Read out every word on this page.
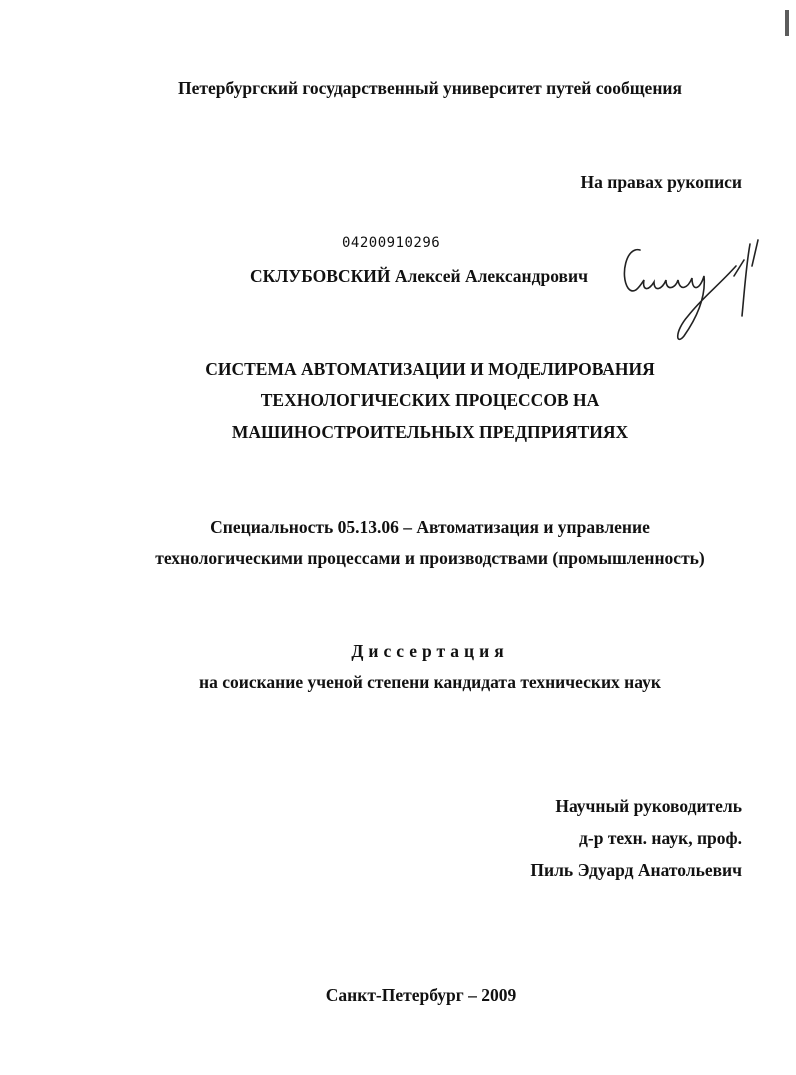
Петербургский государственный университет путей сообщения
На правах рукописи
04200910296
СКЛУБОВСКИЙ Алексей Александрович
СИСТЕМА АВТОМАТИЗАЦИИ И МОДЕЛИРОВАНИЯ
ТЕХНОЛОГИЧЕСКИХ ПРОЦЕССОВ НА
МАШИНОСТРОИТЕЛЬНЫХ ПРЕДПРИЯТИЯХ
Специальность 05.13.06 – Автоматизация и управление
технологическими процессами и производствами (промышленность)
Диссертация
на соискание ученой степени кандидата технических наук
Научный руководитель
д-р техн. наук, проф.
Пиль Эдуард Анатольевич
Санкт-Петербург – 2009
